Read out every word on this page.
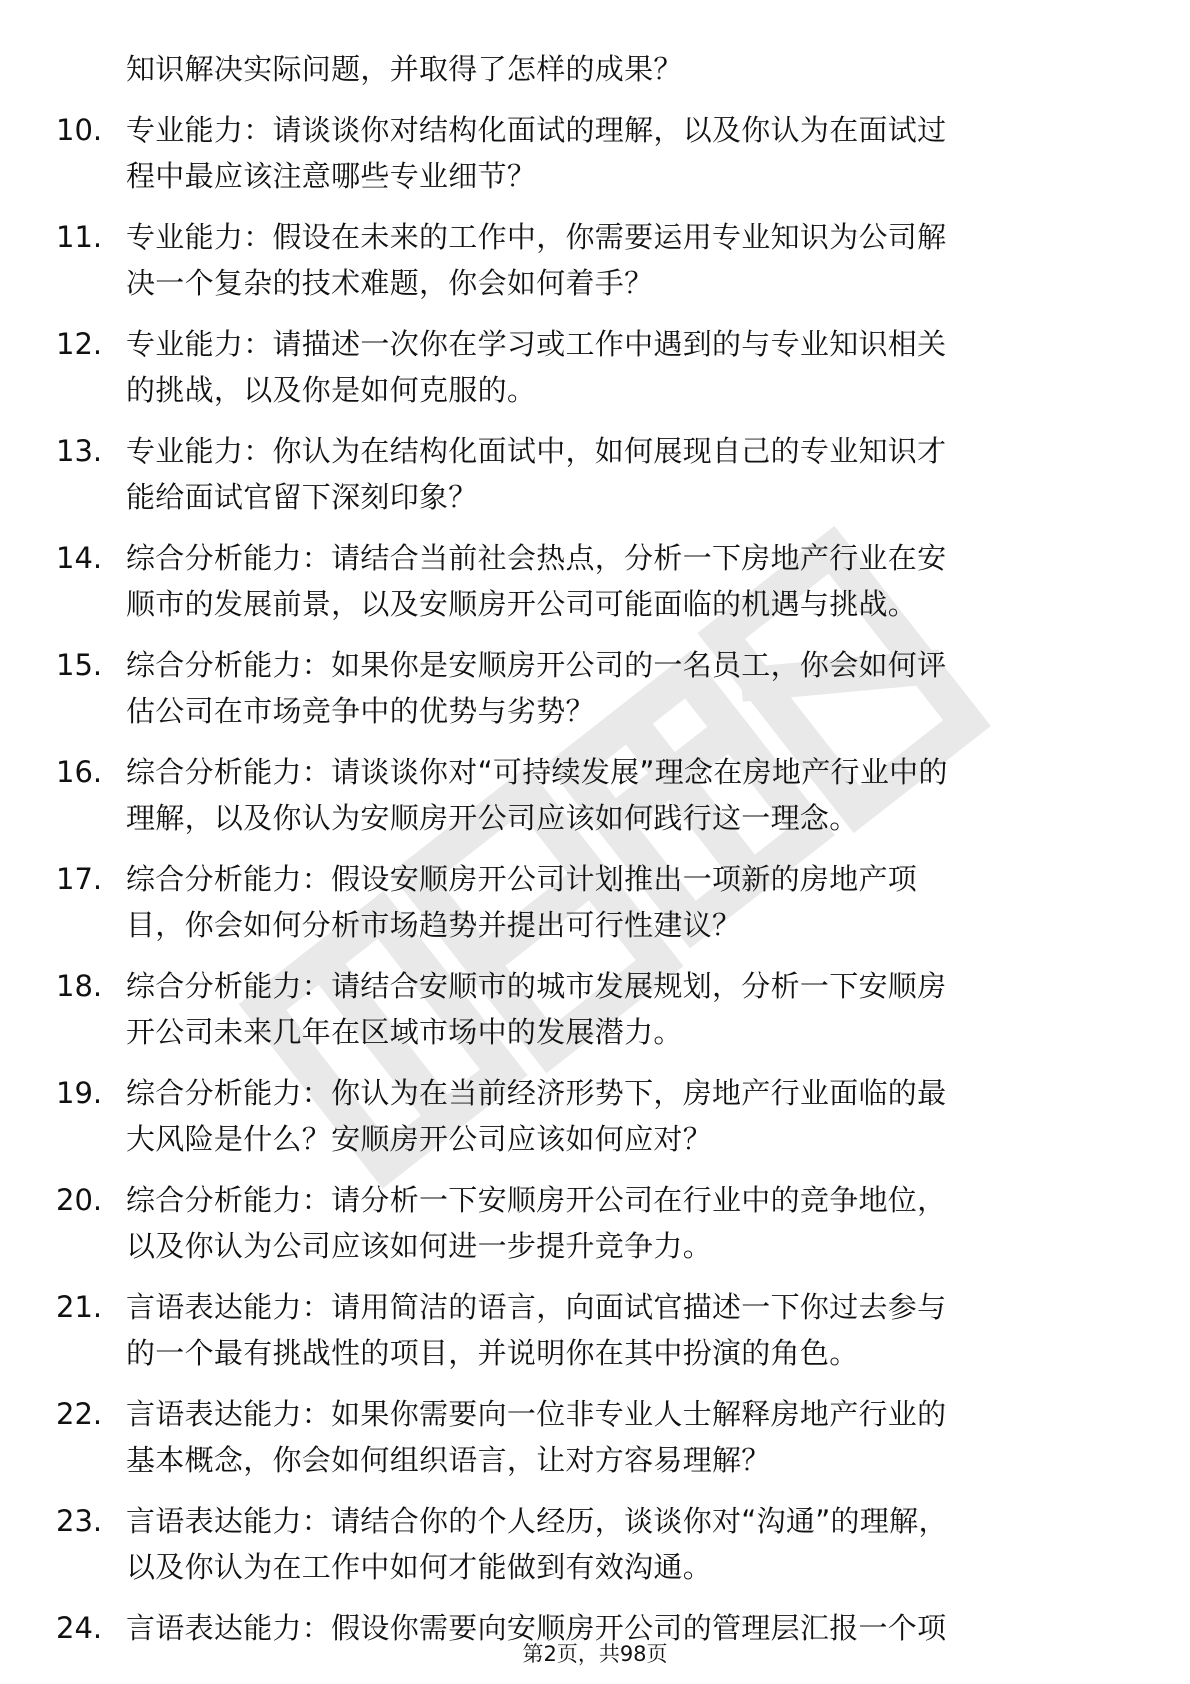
知识解决实际问题，并取得了怎样的成果？
10. 专业能力：请谈谈你对结构化面试的理解，以及你认为在面试过
程中最应该注意哪些专业细节？
11. 专业能力：假设在未来的工作中，你需要运用专业知识为公司解
决一个复杂的技术难题，你会如何着手？
12. 专业能力：请描述一次你在学习或工作中遇到的与专业知识相关
的挑战，以及你是如何克服的。
13. 专业能力：你认为在结构化面试中，如何展现自己的专业知识才
能给面试官留下深刻印象？
14. 综合分析能力：请结合当前社会热点，分析一下房地产行业在安
顺市的发展前景，以及安顺房开公司可能面临的机遇与挑战。
15. 综合分析能力：如果你是安顺房开公司的一名员工，你会如何评
估公司在市场竞争中的优势与劣势？
16. 综合分析能力：请谈谈你对“可持续发展”理念在房地产行业中的
理解，以及你认为安顺房开公司应该如何践行这一理念。
17. 综合分析能力：假设安顺房开公司计划推出一项新的房地产项
目，你会如何分析市场趋势并提出可行性建议？
18. 综合分析能力：请结合安顺市的城市发展规划，分析一下安顺房
开公司未来几年在区域市场中的发展潜力。
19. 综合分析能力：你认为在当前经济形势下，房地产行业面临的最
大风险是什么？安顺房开公司应该如何应对？
20. 综合分析能力：请分析一下安顺房开公司在行业中的竞争地位，
以及你认为公司应该如何进一步提升竞争力。
21. 言语表达能力：请用简洁的语言，向面试官描述一下你过去参与
的一个最有挑战性的项目，并说明你在其中扮演的角色。
22. 言语表达能力：如果你需要向一位非专业人士解释房地产行业的
基本概念，你会如何组织语言，让对方容易理解？
23. 言语表达能力：请结合你的个人经历，谈谈你对“沟通”的理解，
以及你认为在工作中如何才能做到有效沟通。
24. 言语表达能力：假设你需要向安顺房开公司的管理层汇报一个项
第2页，共98页
